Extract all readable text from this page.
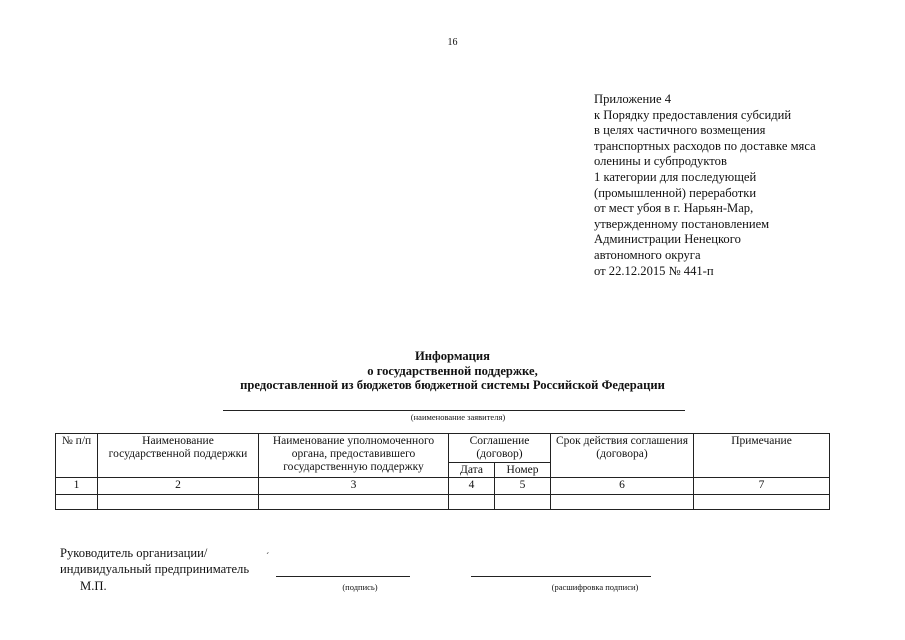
16
Приложение 4
к Порядку предоставления субсидий
в целях частичного возмещения
транспортных расходов по доставке мяса
оленины и субпродуктов
1 категории для последующей
(промышленной) переработки
от мест убоя в г. Нарьян-Мар,
утвержденному постановлением
Администрации Ненецкого
автономного округа
от 22.12.2015 № 441-п
Информация
о государственной поддержке,
предоставленной из бюджетов бюджетной системы Российской Федерации
(наименование заявителя)
№ п/п	Наименование государственной поддержки	Наименование уполномоченного органа, предоставившего государственную поддержку	Соглашение (договор)		Срок действия соглашения (договора)	Примечание
			Дата	Номер		
1	2	3	4	5	6	7

Руководитель организации/
индивидуальный предприниматель
´
М.П.	(подпись)	(расшифровка подписи)
